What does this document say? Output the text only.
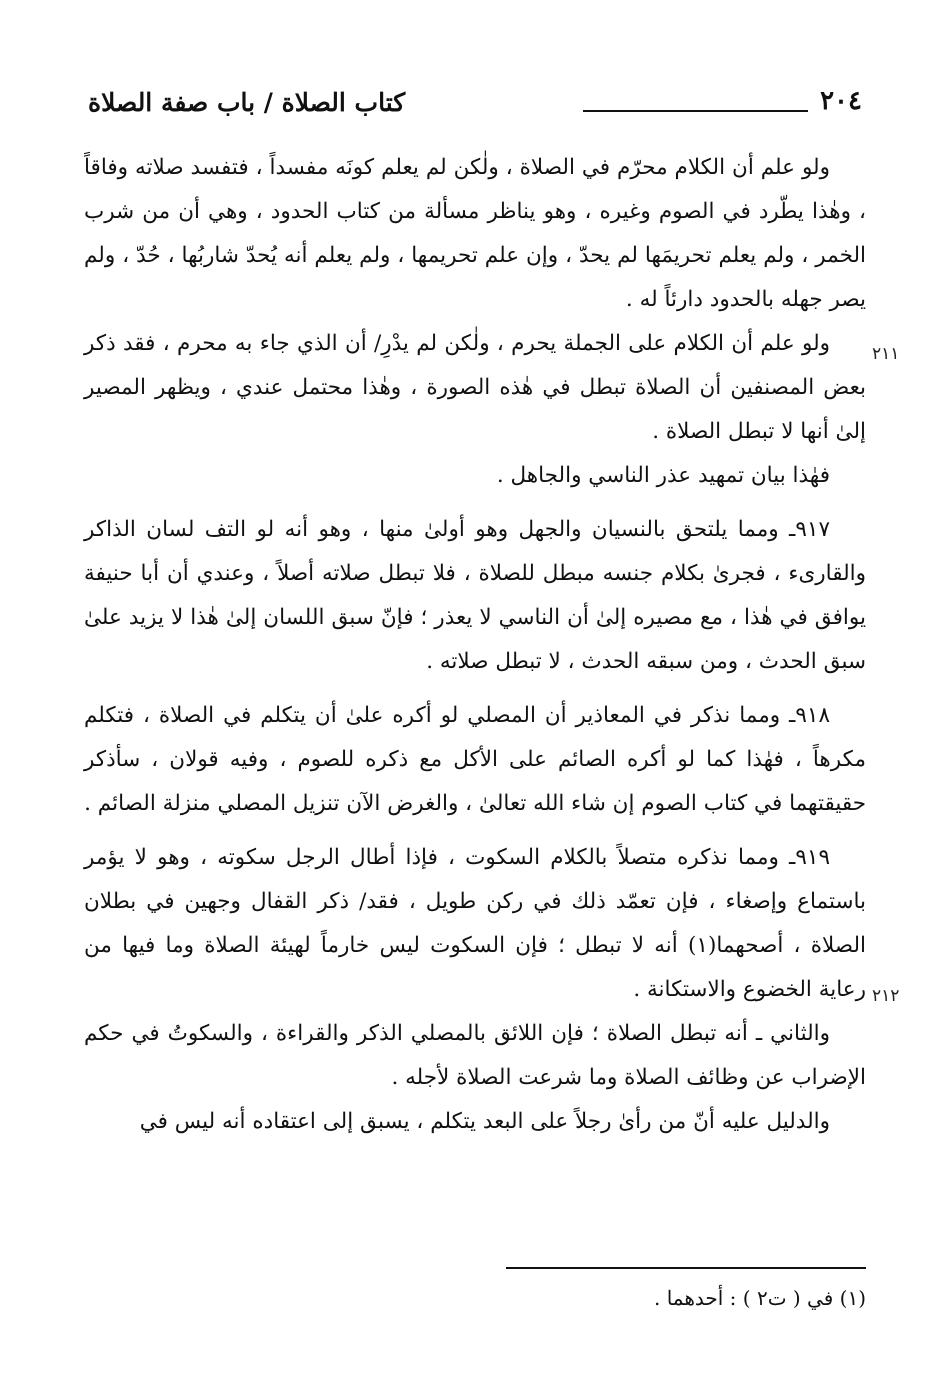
٢٠٤
كتاب الصلاة / باب صفة الصلاة
٢١١
٢١٢

ولو علم أن الكلام محرّم في الصلاة ، ولٰكن لم يعلم كونَه مفسداً ، فتفسد صلاته وفاقاً ، وهٰذا يطّرد في الصوم وغيره ، وهو يناظر مسألة من كتاب الحدود ، وهي أن من شرب الخمر ، ولم يعلم تحريمَها لم يحدّ ، وإن علم تحريمها ، ولم يعلم أنه يُحدّ شاربُها ، حُدّ ، ولم يصر جهله بالحدود دارئاً له .

ولو علم أن الكلام على الجملة يحرم ، ولٰكن لم يدْرِ/ أن الذي جاء به محرم ، فقد ذكر بعض المصنفين أن الصلاة تبطل في هٰذه الصورة ، وهٰذا محتمل عندي ، ويظهر المصير إلىٰ أنها لا تبطل الصلاة .

فهٰذا بيان تمهيد عذر الناسي والجاهل .

٩١٧ـ ومما يلتحق بالنسيان والجهل وهو أولىٰ منها ، وهو أنه لو التف لسان الذاكر والقارىء ، فجرىٰ بكلام جنسه مبطل للصلاة ، فلا تبطل صلاته أصلاً ، وعندي أن أبا حنيفة يوافق في هٰذا ، مع مصيره إلىٰ أن الناسي لا يعذر ؛ فإنّ سبق اللسان إلىٰ هٰذا لا يزيد علىٰ سبق الحدث ، ومن سبقه الحدث ، لا تبطل صلاته .

٩١٨ـ ومما نذكر في المعاذير أن المصلي لو أكره علىٰ أن يتكلم في الصلاة ، فتكلم مكرهاً ، فهٰذا كما لو أكره الصائم على الأكل مع ذكره للصوم ، وفيه قولان ، سأذكر حقيقتهما في كتاب الصوم إن شاء الله تعالىٰ ، والغرض الآن تنزيل المصلي منزلة الصائم .

٩١٩ـ ومما نذكره متصلاً بالكلام السكوت ، فإذا أطال الرجل سكوته ، وهو لا يؤمر باستماع وإصغاء ، فإن تعمّد ذلك في ركن طويل ، فقد/ ذكر القفال وجهين في بطلان الصلاة ، أصحهما(١) أنه لا تبطل ؛ فإن السكوت ليس خارماً لهيئة الصلاة وما فيها من رعاية الخضوع والاستكانة .

والثاني ـ أنه تبطل الصلاة ؛ فإن اللائق بالمصلي الذكر والقراءة ، والسكوتُ في حكم الإضراب عن وظائف الصلاة وما شرعت الصلاة لأجله .

والدليل عليه أنّ من رأىٰ رجلاً على البعد يتكلم ، يسبق إلى اعتقاده أنه ليس في

(١) في ( ت٢ ) : أحدهما .
